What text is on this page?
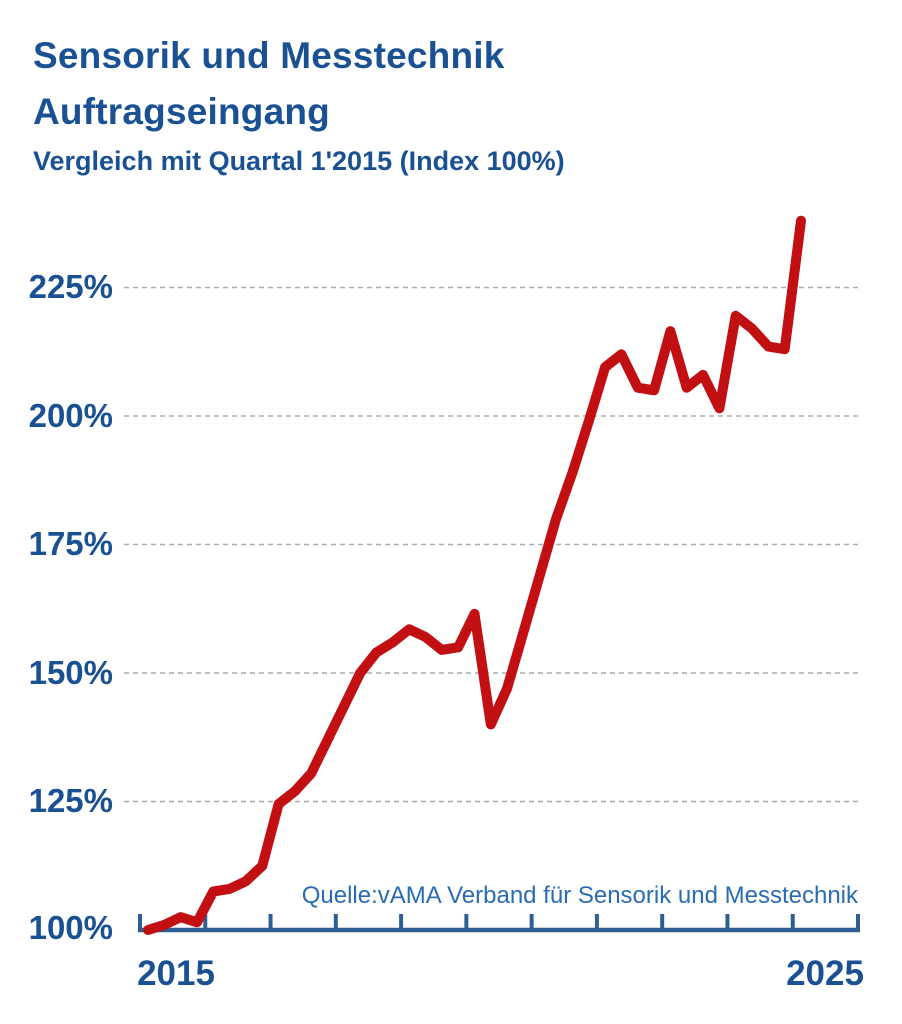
Sensorik und Messtechnik
Auftragseingang
Vergleich mit Quartal 1'2015 (Index 100%)
225%
200%
175%
150%
125%
100%
2015	2025
Quelle:vAMA Verband für Sensorik und Messtechnik
